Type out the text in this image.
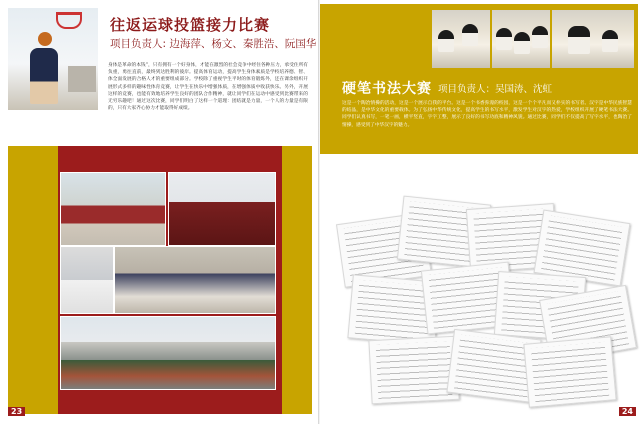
往返运球投篮接力比赛
项目负责人: 边海萍、杨文、秦胜浩、阮国华
身体是革命的本钱”，只有拥有一个好身体，才能在激烈的社会竞争中经住各种压力，承受住所有负重，勇往直前，最终到达胜利的彼岸。提高体育运动，提高学生身体素质是学校培养德、智、体全面发展的合格人才的重要组成部分。学校除了重视学生平时的体育锻炼外，还在课余组织开展形式多样的趣味性体育竞赛，让学生在快乐中增强体质，在增强体质中收获快乐。另外，开展这样的竞赛，也能有效地培养学生良好的团队合作精神，就让同学们在运动中感受到比赛带来的无穷乐趣吧！通过这次比赛，同学们明白了这样一个道理：团结就是力量，一个人的力量是有限的，只有大家齐心协力才能取得好成绩。
23
硬笔书法大赛 项目负责人：吴国涛、沈虹
这是一个陶冶情操的活动，这是一个展示自我的平台。这是一个书香弥漫的校园，这是一个个平凡而又朴实的书写者。汉字是中华民族智慧的结晶，是中华文化的重要载体。为了弘扬中华传统文化，提高学生的书写水平，激发学生对汉字的热爱，学校组织开展了硬笔书法大赛。同学们认真书写，一笔一画，横平竖直，字字工整，展示了良好的书写功底和精神风貌。通过比赛，同学们不仅提高了写字水平，也陶冶了情操，感受到了中华汉字的魅力。
24
